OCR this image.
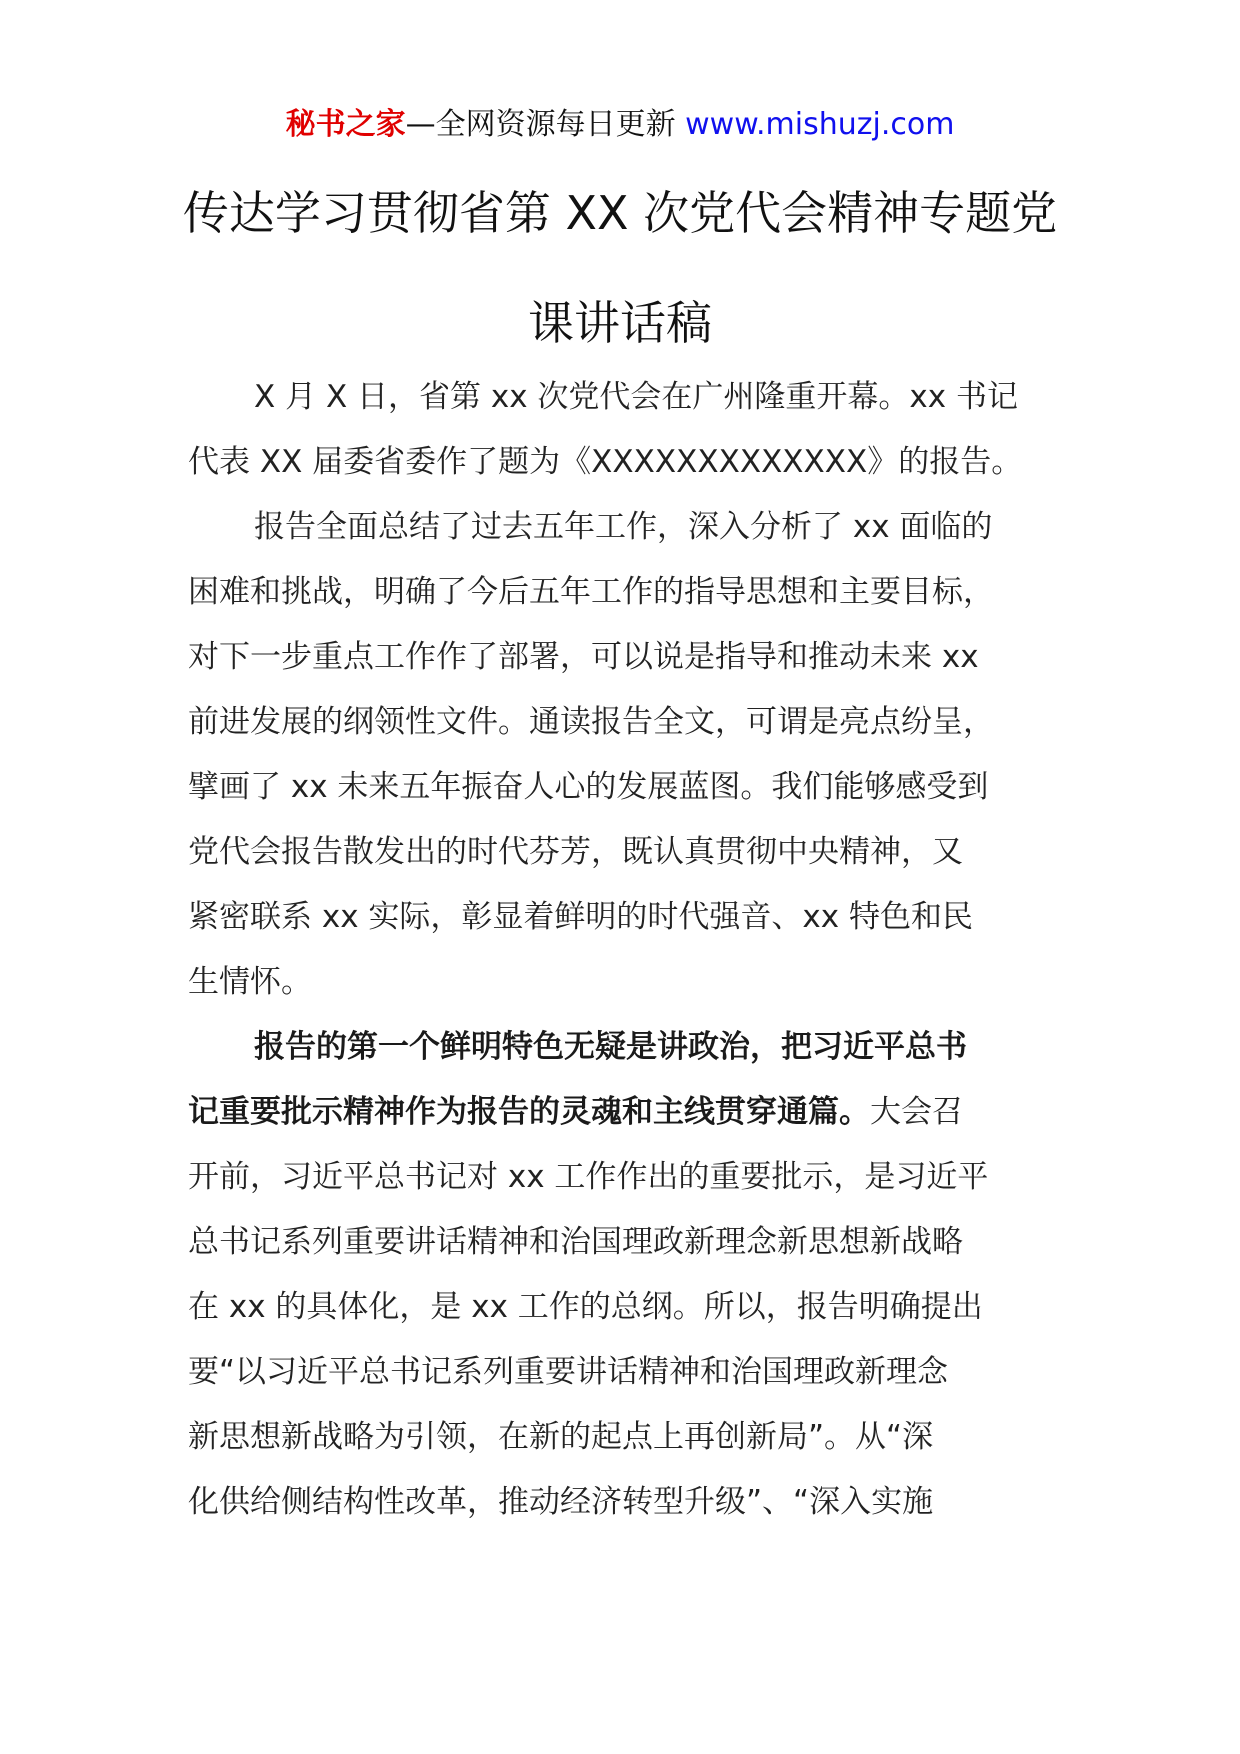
秘书之家—全网资源每日更新 www.mishuzj.com
传达学习贯彻省第 XX 次党代会精神专题党
课讲话稿

X 月 X 日，省第 xx 次党代会在广州隆重开幕。xx 书记
代表 XX 届委省委作了题为《XXXXXXXXXXXXX》的报告。

报告全面总结了过去五年工作，深入分析了 xx 面临的
困难和挑战，明确了今后五年工作的指导思想和主要目标，
对下一步重点工作作了部署，可以说是指导和推动未来 xx
前进发展的纲领性文件。通读报告全文，可谓是亮点纷呈，
擘画了 xx 未来五年振奋人心的发展蓝图。我们能够感受到
党代会报告散发出的时代芬芳，既认真贯彻中央精神，又
紧密联系 xx 实际，彰显着鲜明的时代强音、xx 特色和民
生情怀。

报告的第一个鲜明特色无疑是讲政治，把习近平总书
记重要批示精神作为报告的灵魂和主线贯穿通篇。大会召
开前，习近平总书记对 xx 工作作出的重要批示，是习近平
总书记系列重要讲话精神和治国理政新理念新思想新战略
在 xx 的具体化，是 xx 工作的总纲。所以，报告明确提出
要“以习近平总书记系列重要讲话精神和治国理政新理念
新思想新战略为引领，在新的起点上再创新局”。从“深
化供给侧结构性改革，推动经济转型升级”、“深入实施
